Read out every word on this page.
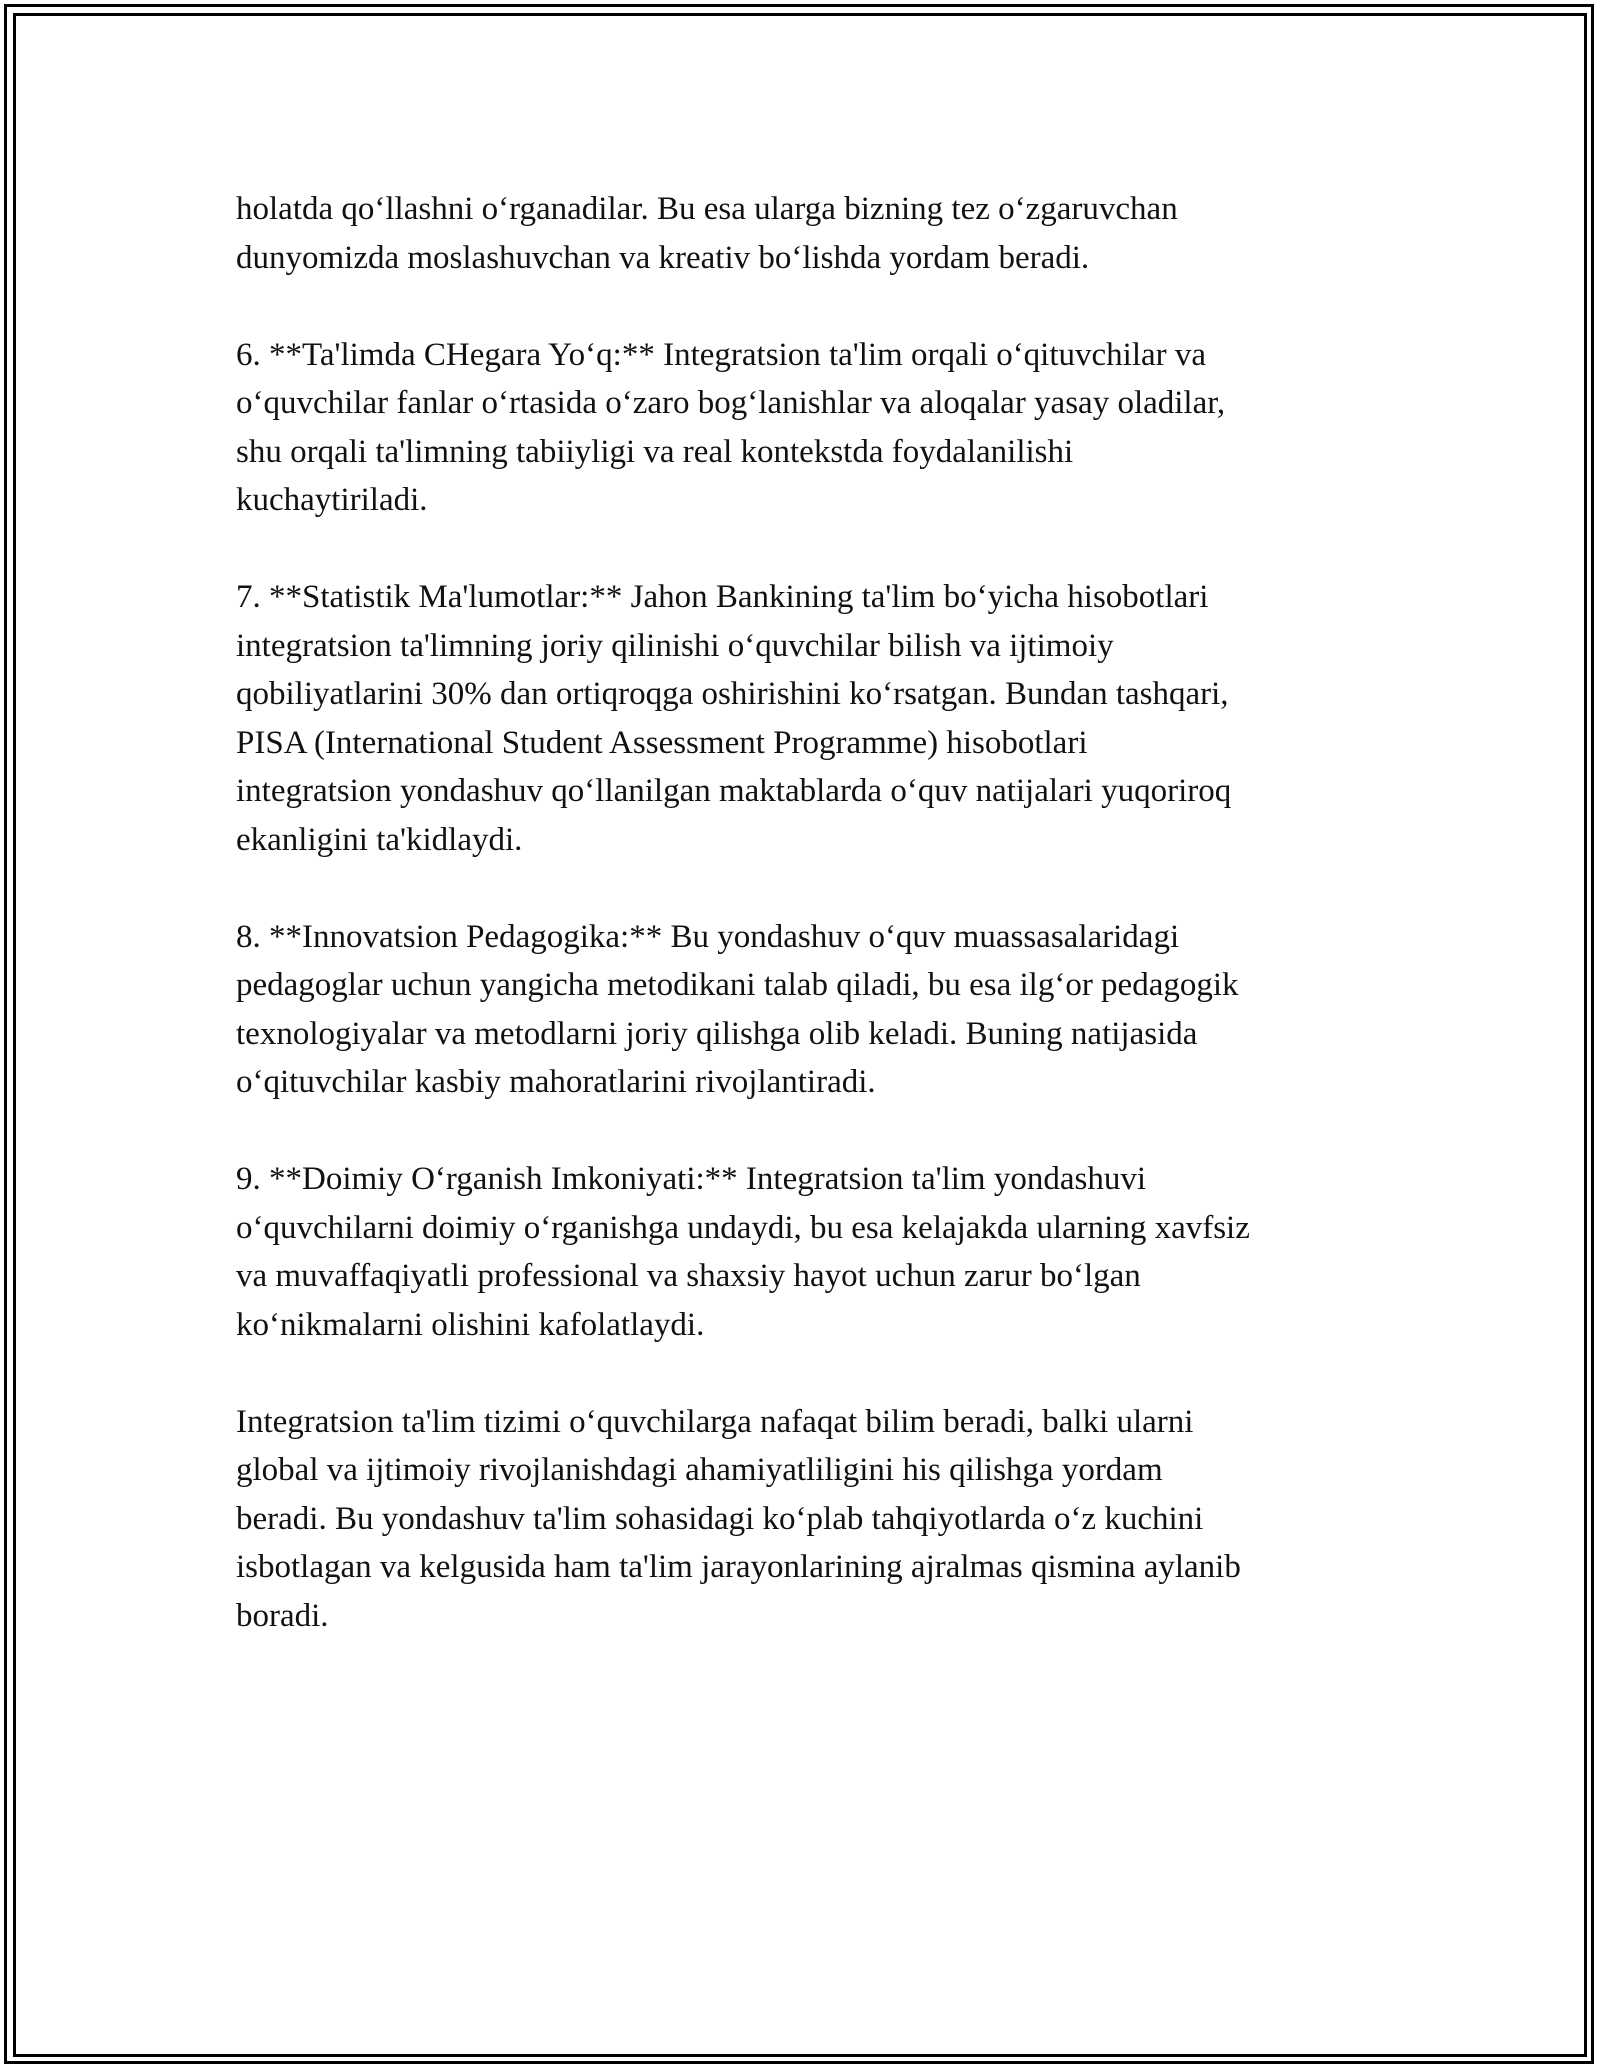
holatda qo‘llashni o‘rganadilar. Bu esa ularga bizning tez o‘zgaruvchan
dunyomizda moslashuvchan va kreativ bo‘lishda yordam beradi.

6. **Ta'limda CHegara Yo‘q:** Integratsion ta'lim orqali o‘qituvchilar va
o‘quvchilar fanlar o‘rtasida o‘zaro bog‘lanishlar va aloqalar yasay oladilar,
shu orqali ta'limning tabiiyligi va real kontekstda foydalanilishi
kuchaytiriladi.

7. **Statistik Ma'lumotlar:** Jahon Bankining ta'lim bo‘yicha hisobotlari
integratsion ta'limning joriy qilinishi o‘quvchilar bilish va ijtimoiy
qobiliyatlarini 30% dan ortiqroqga oshirishini ko‘rsatgan. Bundan tashqari,
PISA (International Student Assessment Programme) hisobotlari
integratsion yondashuv qo‘llanilgan maktablarda o‘quv natijalari yuqoriroq
ekanligini ta'kidlaydi.

8. **Innovatsion Pedagogika:** Bu yondashuv o‘quv muassasalaridagi
pedagoglar uchun yangicha metodikani talab qiladi, bu esa ilg‘or pedagogik
texnologiyalar va metodlarni joriy qilishga olib keladi. Buning natijasida
o‘qituvchilar kasbiy mahoratlarini rivojlantiradi.

9. **Doimiy O‘rganish Imkoniyati:** Integratsion ta'lim yondashuvi
o‘quvchilarni doimiy o‘rganishga undaydi, bu esa kelajakda ularning xavfsiz
va muvaffaqiyatli professional va shaxsiy hayot uchun zarur bo‘lgan
ko‘nikmalarni olishini kafolatlaydi.

Integratsion ta'lim tizimi o‘quvchilarga nafaqat bilim beradi, balki ularni
global va ijtimoiy rivojlanishdagi ahamiyatliligini his qilishga yordam
beradi. Bu yondashuv ta'lim sohasidagi ko‘plab tahqiyotlarda o‘z kuchini
isbotlagan va kelgusida ham ta'lim jarayonlarining ajralmas qismina aylanib
boradi.
